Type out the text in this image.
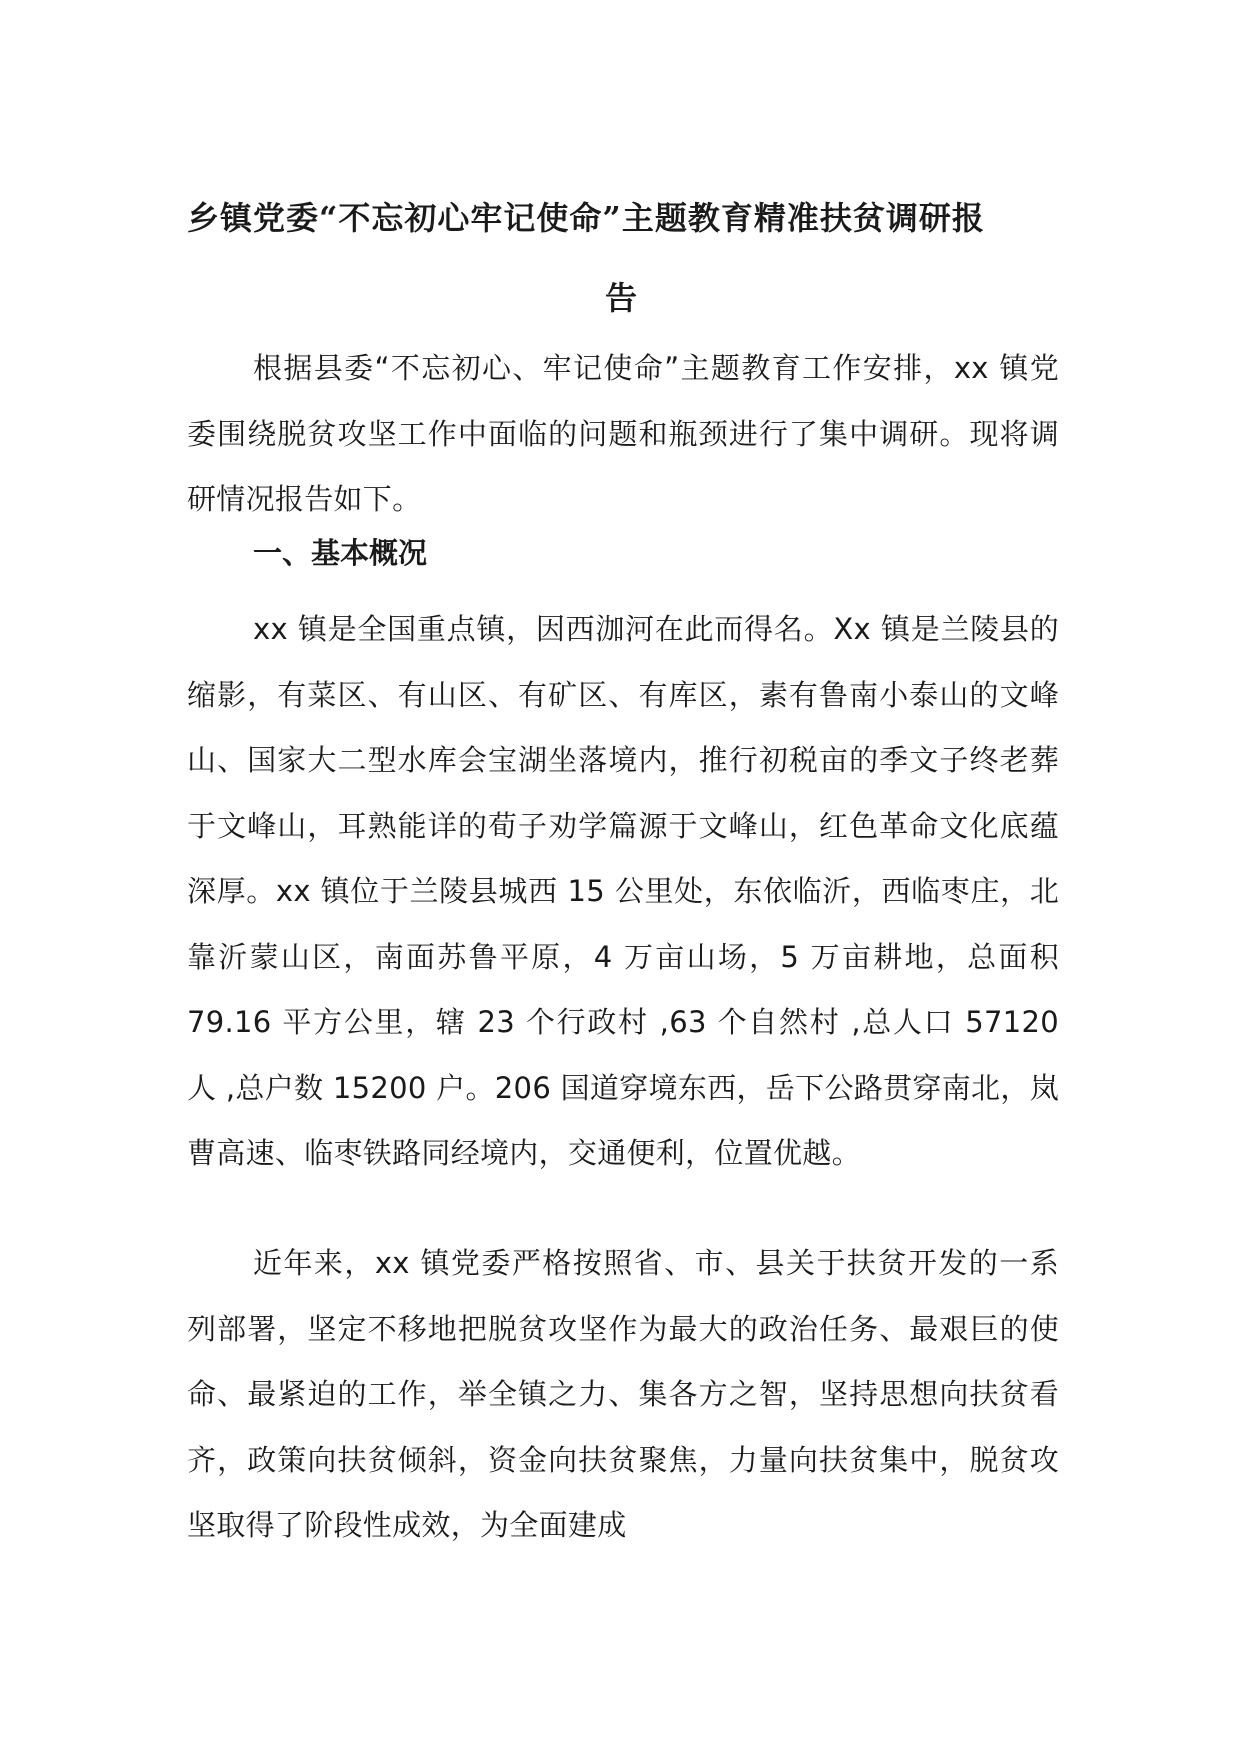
乡镇党委“不忘初心牢记使命”主题教育精准扶贫调研报
告

根据县委“不忘初心、牢记使命”主题教育工作安排，xx 镇党委围绕脱贫攻坚工作中面临的问题和瓶颈进行了集中调研。现将调研情况报告如下。

一、基本概况

xx 镇是全国重点镇，因西泇河在此而得名。Xx 镇是兰陵县的缩影，有菜区、有山区、有矿区、有库区，素有鲁南小泰山的文峰山、国家大二型水库会宝湖坐落境内，推行初税亩的季文子终老葬于文峰山，耳熟能详的荀子劝学篇源于文峰山，红色革命文化底蕴深厚。xx 镇位于兰陵县城西 15 公里处，东依临沂，西临枣庄，北靠沂蒙山区，南面苏鲁平原，4 万亩山场，5 万亩耕地，总面积 79.16 平方公里，辖 23 个行政村 ,63 个自然村 ,总人口 57120 人 ,总户数 15200 户。206 国道穿境东西，岳下公路贯穿南北，岚曹高速、临枣铁路同经境内，交通便利，位置优越。

近年来，xx 镇党委严格按照省、市、县关于扶贫开发的一系列部署，坚定不移地把脱贫攻坚作为最大的政治任务、最艰巨的使命、最紧迫的工作，举全镇之力、集各方之智，坚持思想向扶贫看齐，政策向扶贫倾斜，资金向扶贫聚焦，力量向扶贫集中，脱贫攻坚取得了阶段性成效，为全面建成
